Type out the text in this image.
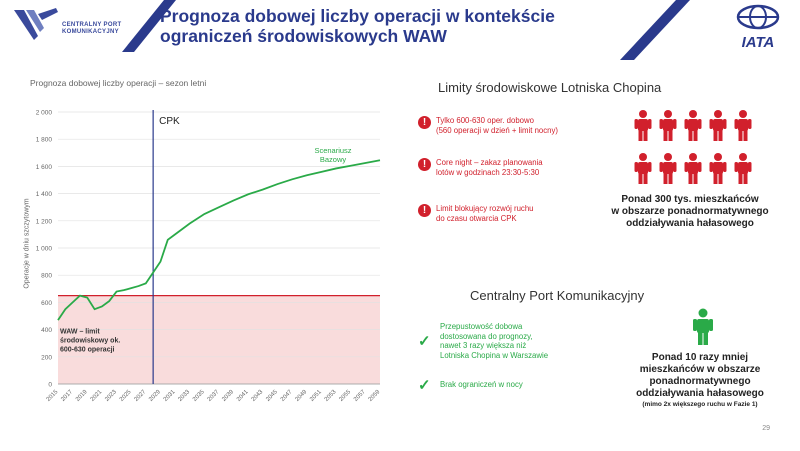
CENTRALNY PORT
KOMUNIKACYJNY
Prognoza dobowej liczby operacji w kontekście
ograniczeń środowiskowych WAW	IATA
Prognoza dobowej liczby operacji – sezon letni
Operacje w dniu szczytowym
0
200
400
600
800
1 000
1 200
1 400
1 600
1 800
2 000
2015 2017 2019 2021 2023 2025 2027 2029 2031 2033 2035 2037 2039 2041 2043 2045 2047 2049 2051 2053 2055 2057 2059
CPK
Scenariusz
Bazowy
WAW – limit
środowiskowy ok.
600-630 operacji
Limity środowiskowe Lotniska Chopina
!	Tylko 600-630 oper. dobowo
(560 operacji w dzień + limit nocny)
!	Core night – zakaz planowania
lotów w godzinach 23:30-5:30
!	Limit blokujący rozwój ruchu
do czasu otwarcia CPK
Ponad 300 tys. mieszkańców
w obszarze ponadnormatywnego
oddziaływania hałasowego
Centralny Port Komunikacyjny
✓
Przepustowość dobowa
dostosowana do prognozy,
nawet 3 razy większa niż
Lotniska Chopina w Warszawie
✓ Brak ograniczeń w nocy
Ponad 10 razy mniej
mieszkańców w obszarze
ponadnormatywnego
oddziaływania hałasowego
(mimo 2x większego ruchu w Fazie 1)
29
